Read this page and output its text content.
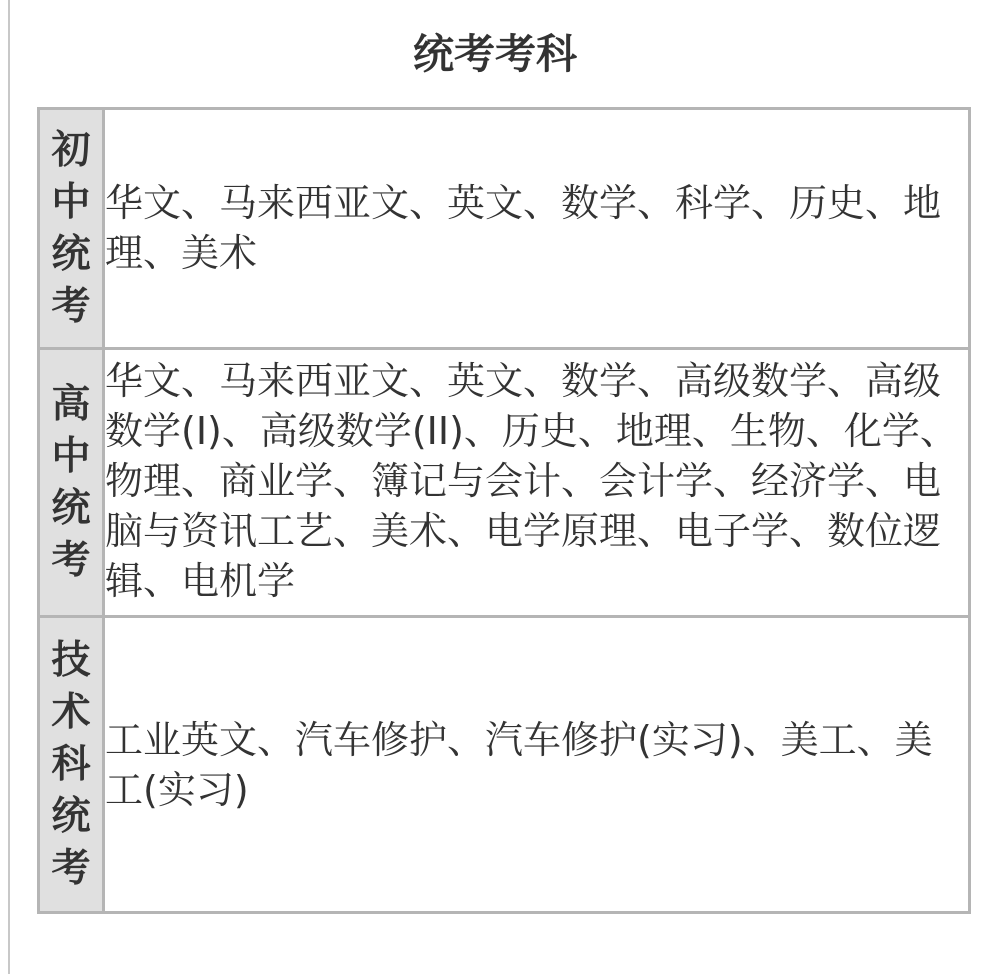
统考考科
初中统考	华文、马来西亚文、英文、数学、科学、历史、地理、美术

高中统考	华文、马来西亚文、英文、数学、高级数学、高级数学(I)、高级数学(II)、历史、地理、生物、化学、物理、商业学、簿记与会计、会计学、经济学、电脑与资讯工艺、美术、电学原理、电子学、数位逻辑、电机学

技术科统考	工业英文、汽车修护、汽车修护(实习)、美工、美工(实习)
